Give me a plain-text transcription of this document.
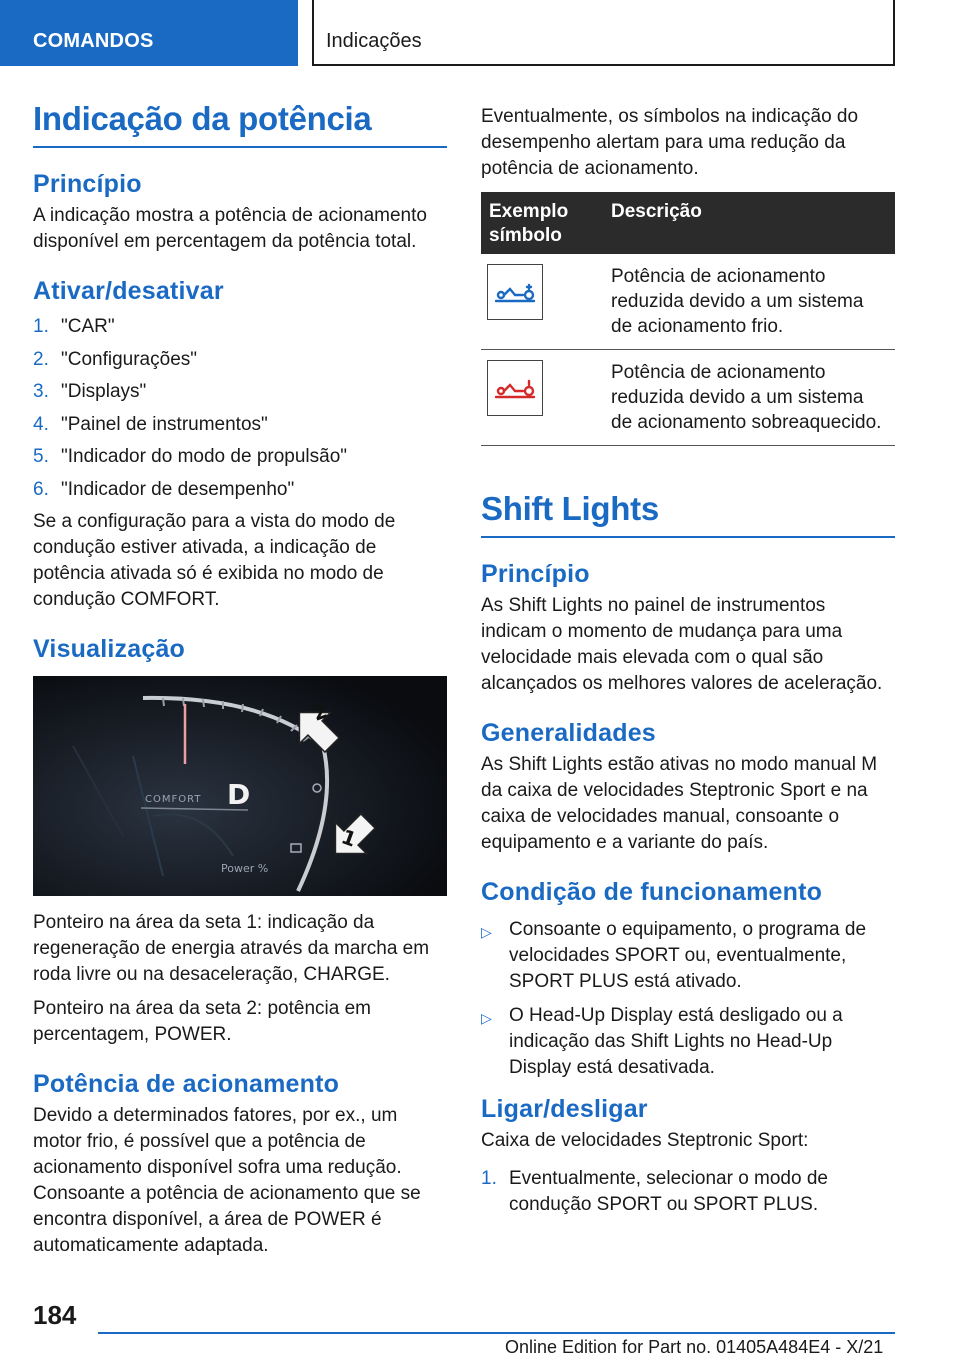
COMANDOS	Indicações
Indicação da potência
Princípio

A indicação mostra a potência de acionamento disponível em percentagem da potência total.

Ativar/desativar
1. "CAR"
2. "Configurações"
3. "Displays"
4. "Painel de instrumentos"
5. "Indicador do modo de propulsão"
6. "Indicador de desempenho"

Se a configuração para a vista do modo de condução estiver ativada, a indicação de potência ativada só é exibida no modo de condução COMFORT.

Visualização
COMFORT D
Power %
2
1

Ponteiro na área da seta 1: indicação da regeneração de energia através da marcha em roda livre ou na desaceleração, CHARGE.

Ponteiro na área da seta 2: potência em percentagem, POWER.

Potência de acionamento

Devido a determinados fatores, por ex., um motor frio, é possível que a potência de acionamento disponível sofra uma redução. Consoante a potência de acionamento que se encontra disponível, a área de POWER é automaticamente adaptada.

Eventualmente, os símbolos na indicação do desempenho alertam para uma redução da potência de acionamento.

Exemplo símbolo	Descrição

	Potência de acionamento reduzida devido a um sistema de acionamento frio.

	Potência de acionamento reduzida devido a um sistema de acionamento sobreaquecido.
Shift Lights
Princípio

As Shift Lights no painel de instrumentos indicam o momento de mudança para uma velocidade mais elevada com o qual são alcançados os melhores valores de aceleração.

Generalidades

As Shift Lights estão ativas no modo manual M da caixa de velocidades Steptronic Sport e na caixa de velocidades manual, consoante o equipamento e a variante do país.

Condição de funcionamento
▷ Consoante o equipamento, o programa de velocidades SPORT ou, eventualmente, SPORT PLUS está ativado.
▷ O Head-Up Display está desligado ou a indicação das Shift Lights no Head-Up Display está desativada.
Ligar/desligar

Caixa de velocidades Steptronic Sport:

1. Eventualmente, selecionar o modo de condução SPORT ou SPORT PLUS.
184
Online Edition for Part no. 01405A484E4 - X/21
